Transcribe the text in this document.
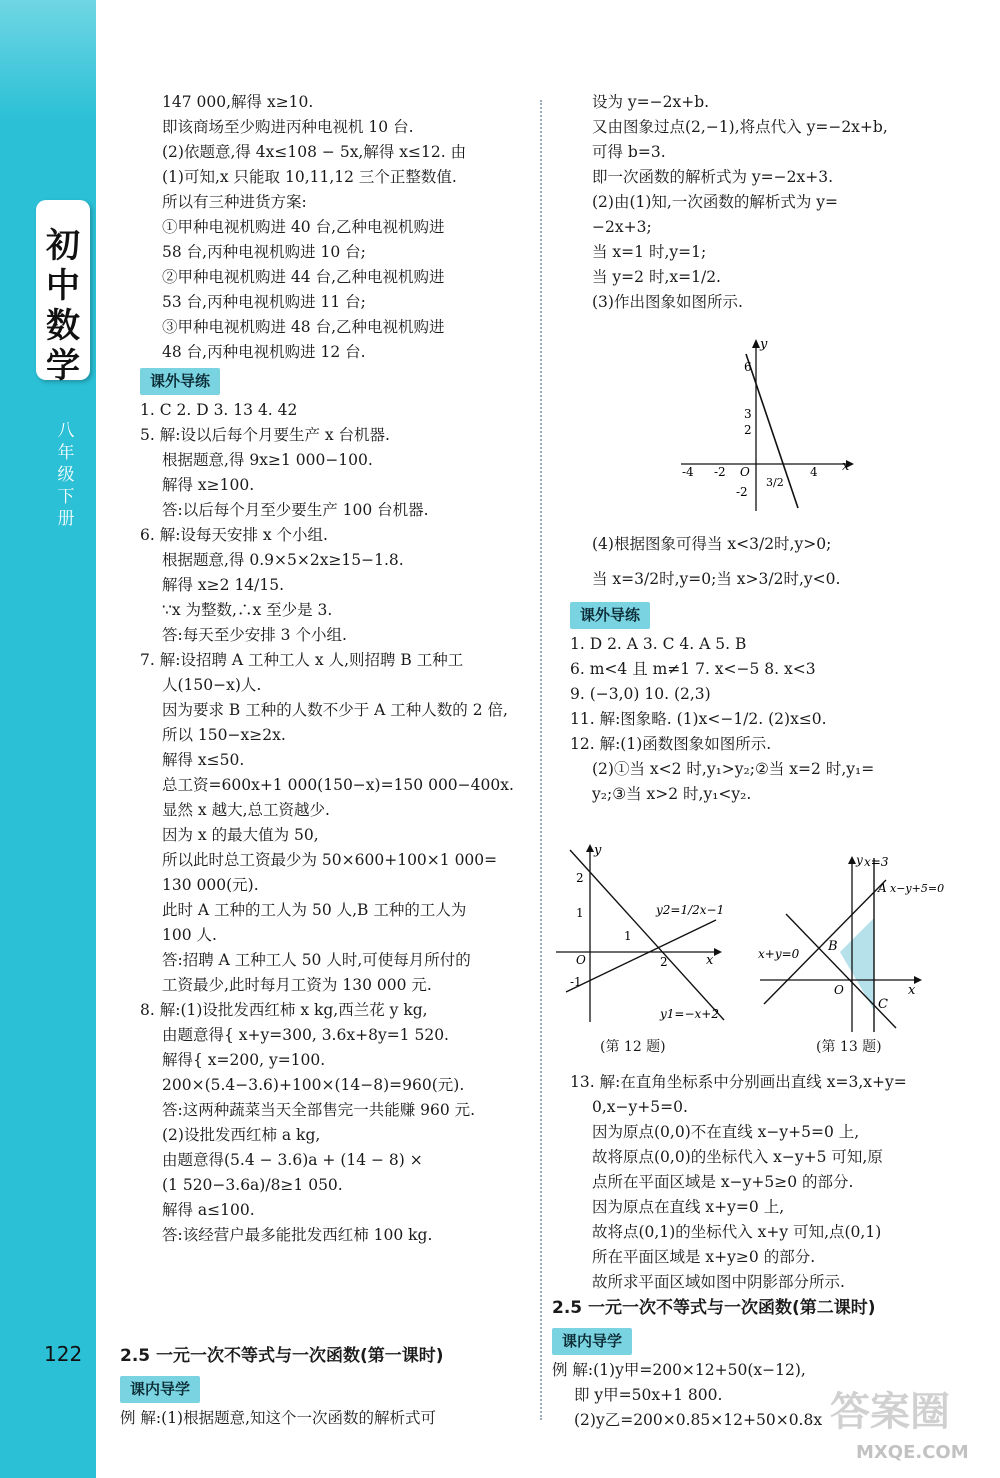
初中数学
八年级下册
122

147 000,解得 x≥10.

即该商场至少购进丙种电视机 10 台.

(2)依题意,得 4x≤108 − 5x,解得 x≤12. 由

(1)可知,x 只能取 10,11,12 三个正整数值.

所以有三种进货方案:

①甲种电视机购进 40 台,乙种电视机购进

58 台,丙种电视机购进 10 台;

②甲种电视机购进 44 台,乙种电视机购进

53 台,丙种电视机购进 11 台;

③甲种电视机购进 48 台,乙种电视机购进

48 台,丙种电视机购进 12 台.

课外导练

1. C 2. D 3. 13 4. 42

5. 解:设以后每个月要生产 x 台机器.

根据题意,得 9x≥1 000−100.

解得 x≥100.

答:以后每个月至少要生产 100 台机器.

6. 解:设每天安排 x 个小组.

根据题意,得 0.9×5×2x≥15−1.8.

解得 x≥2 14/15.

∵x 为整数,∴x 至少是 3.

答:每天至少安排 3 个小组.

7. 解:设招聘 A 工种工人 x 人,则招聘 B 工种工

人(150−x)人.

因为要求 B 工种的人数不少于 A 工种人数的 2 倍,

所以 150−x≥2x.

解得 x≤50.

总工资=600x+1 000(150−x)=150 000−400x.

显然 x 越大,总工资越少.

因为 x 的最大值为 50,

所以此时总工资最少为 50×600+100×1 000=

130 000(元).

此时 A 工种的工人为 50 人,B 工种的工人为

100 人.

答:招聘 A 工种工人 50 人时,可使每月所付的

工资最少,此时每月工资为 130 000 元.

8. 解:(1)设批发西红柿 x kg,西兰花 y kg,

由题意得{ x+y=300, 3.6x+8y=1 520.

解得{ x=200, y=100.

200×(5.4−3.6)+100×(14−8)=960(元).

答:这两种蔬菜当天全部售完一共能赚 960 元.

(2)设批发西红柿 a kg,

由题意得(5.4 − 3.6)a + (14 − 8) ×

(1 520−3.6a)/8≥1 050.

解得 a≤100.

答:该经营户最多能批发西红柿 100 kg.

2.5 一元一次不等式与一次函数(第一课时)
课内导学

例 解:(1)根据题意,知这个一次函数的解析式可

设为 y=−2x+b.

又由图象过点(2,−1),将点代入 y=−2x+b,

可得 b=3.

即一次函数的解析式为 y=−2x+3.

(2)由(1)知,一次函数的解析式为 y=

−2x+3;

当 x=1 时,y=1;

当 y=2 时,x=1/2.

(3)作出图象如图所示.

x
y
-4 -2 O
3/2
4
6
3
2
-2

(4)根据图象可得当 x<3/2时,y>0;

当 x=3/2时,y=0;当 x>3/2时,y<0.

课外导练

1. D 2. A 3. C 4. A 5. B

6. m<4 且 m≠1 7. x<−5 8. x<3

9. (−3,0) 10. (2,3)

11. 解:图象略. (1)x<−1/2. (2)x≤0.

12. 解:(1)函数图象如图所示.

(2)①当 x<2 时,y₁>y₂;②当 x=2 时,y₁=

y₂;③当 x>2 时,y₁<y₂.

y
2
1
O
-1
1
2	x
y2=1/2x−1
y1=−x+2
y x=3
A x−y+5=0
x+y=0 B
C
O	x
(第 12 题)	(第 13 题)

13. 解:在直角坐标系中分别画出直线 x=3,x+y=

0,x−y+5=0.

因为原点(0,0)不在直线 x−y+5=0 上,

故将原点(0,0)的坐标代入 x−y+5 可知,原

点所在平面区域是 x−y+5≥0 的部分.

因为原点在直线 x+y=0 上,

故将点(0,1)的坐标代入 x+y 可知,点(0,1)

所在平面区域是 x+y≥0 的部分.

故所求平面区域如图中阴影部分所示.

2.5 一元一次不等式与一次函数(第二课时)
课内导学

例 解:(1)y甲=200×12+50(x−12),

即 y甲=50x+1 800.

(2)y乙=200×0.85×12+50×0.8x 答案圈
MXQE.COM
